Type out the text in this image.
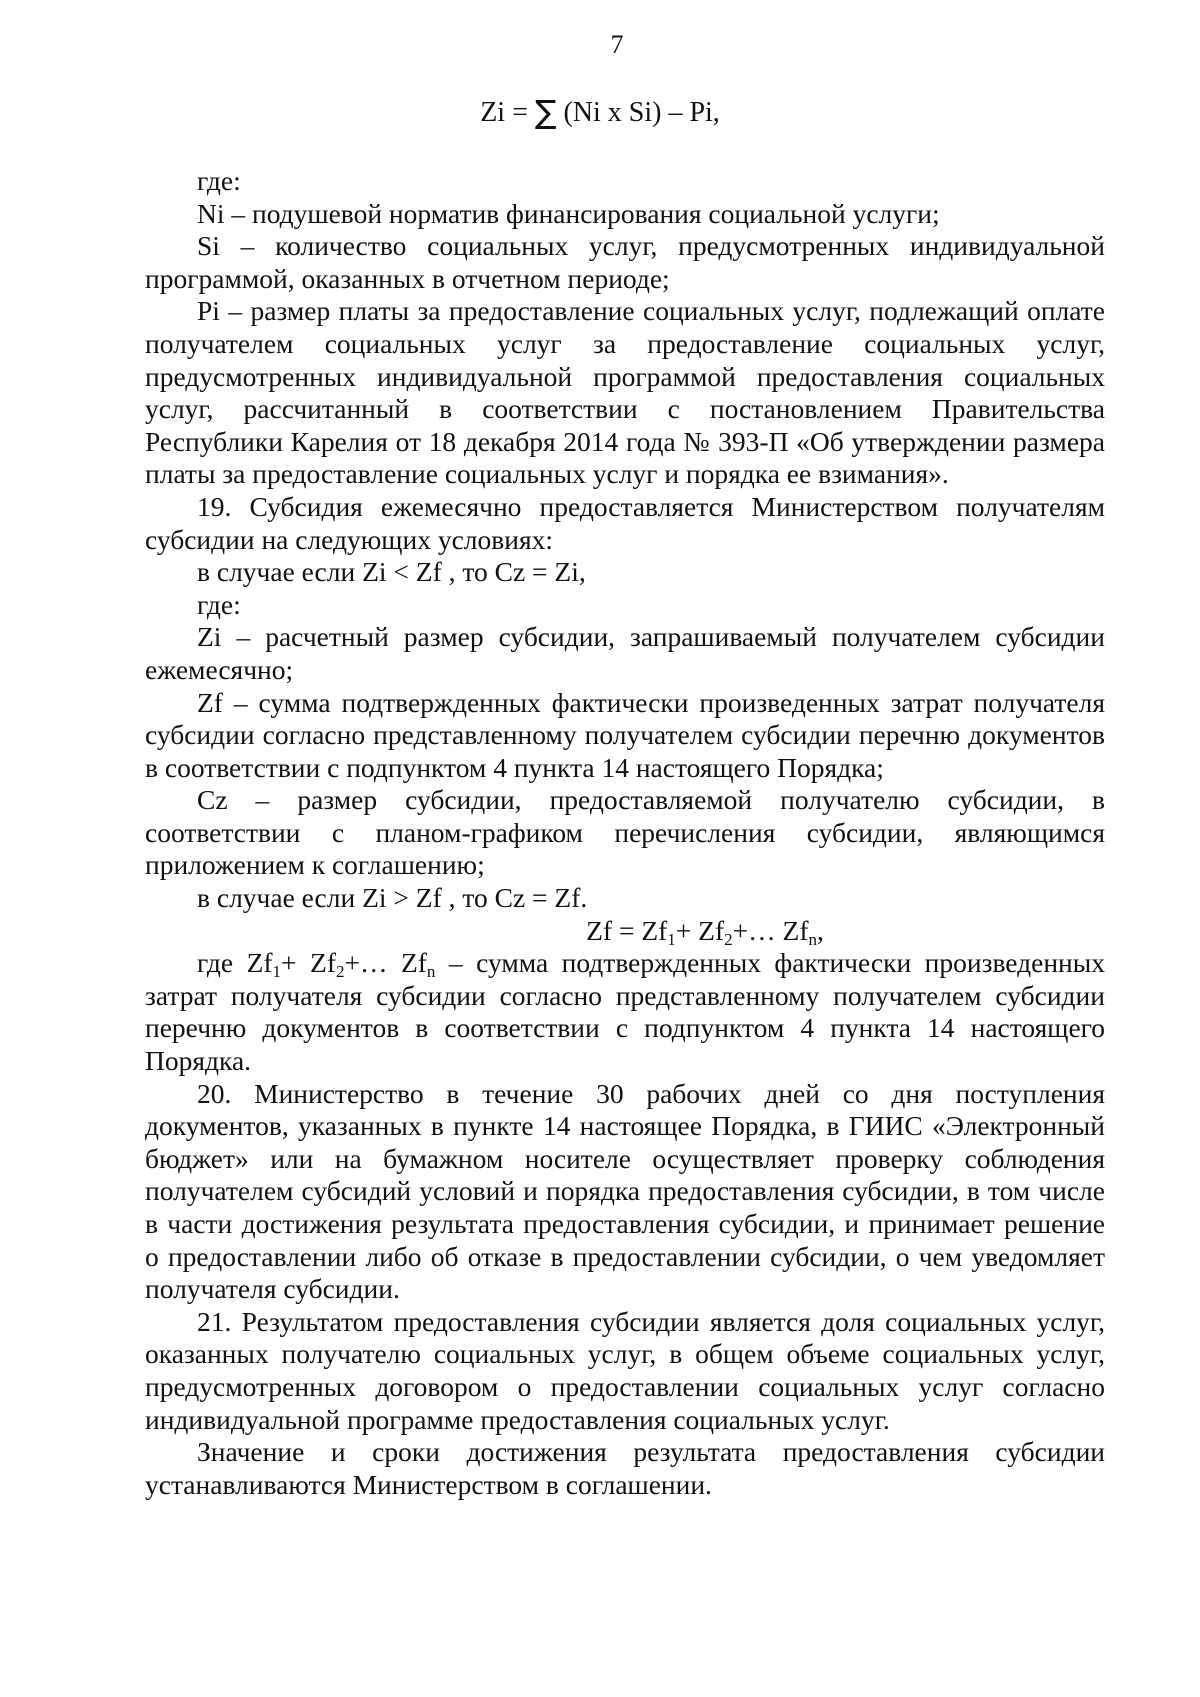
7
Zi = ∑ (Ni x Si) – Pi,

где:

Ni – подушевой норматив финансирования социальной услуги;

Si – количество социальных услуг, предусмотренных индивидуальной программой, оказанных в отчетном периоде;

Pi – размер платы за предоставление социальных услуг, подлежащий оплате получателем социальных услуг за предоставление социальных услуг, предусмотренных индивидуальной программой предоставления социальных услуг, рассчитанный в соответствии с постановлением Правительства Республики Карелия от 18 декабря 2014 года № 393-П «Об утверждении размера платы за предоставление социальных услуг и порядка ее взимания».

19. Субсидия ежемесячно предоставляется Министерством получателям субсидии на следующих условиях:

в случае если Zi < Zf , то Cz = Zi,

где:

Zi – расчетный размер субсидии, запрашиваемый получателем субсидии ежемесячно;

Zf – сумма подтвержденных фактически произведенных затрат получателя субсидии согласно представленному получателем субсидии перечню документов в соответствии с подпунктом 4 пункта 14 настоящего Порядка;

Cz – размер субсидии, предоставляемой получателю субсидии, в соответствии с планом-графиком перечисления субсидии, являющимся приложением к соглашению;

в случае если Zi > Zf , то Cz = Zf.

$Zf = Zf_1+$ $Zf_2+\dots$ $Zf_n$,

где $Zf_1+$ $Zf_2+\dots$ $Zf_n$ – сумма подтвержденных фактически произведенных затрат получателя субсидии согласно представленному получателем субсидии перечню документов в соответствии с подпунктом 4 пункта 14 настоящего Порядка.

20. Министерство в течение 30 рабочих дней со дня поступления документов, указанных в пункте 14 настоящее Порядка, в ГИИС «Электронный бюджет» или на бумажном носителе осуществляет проверку соблюдения получателем субсидий условий и порядка предоставления субсидии, в том числе в части достижения результата предоставления субсидии, и принимает решение о предоставлении либо об отказе в предоставлении субсидии, о чем уведомляет получателя субсидии.

21. Результатом предоставления субсидии является доля социальных услуг, оказанных получателю социальных услуг, в общем объеме социальных услуг, предусмотренных договором о предоставлении социальных услуг согласно индивидуальной программе предоставления социальных услуг.

Значение и сроки достижения результата предоставления субсидии устанавливаются Министерством в соглашении.
